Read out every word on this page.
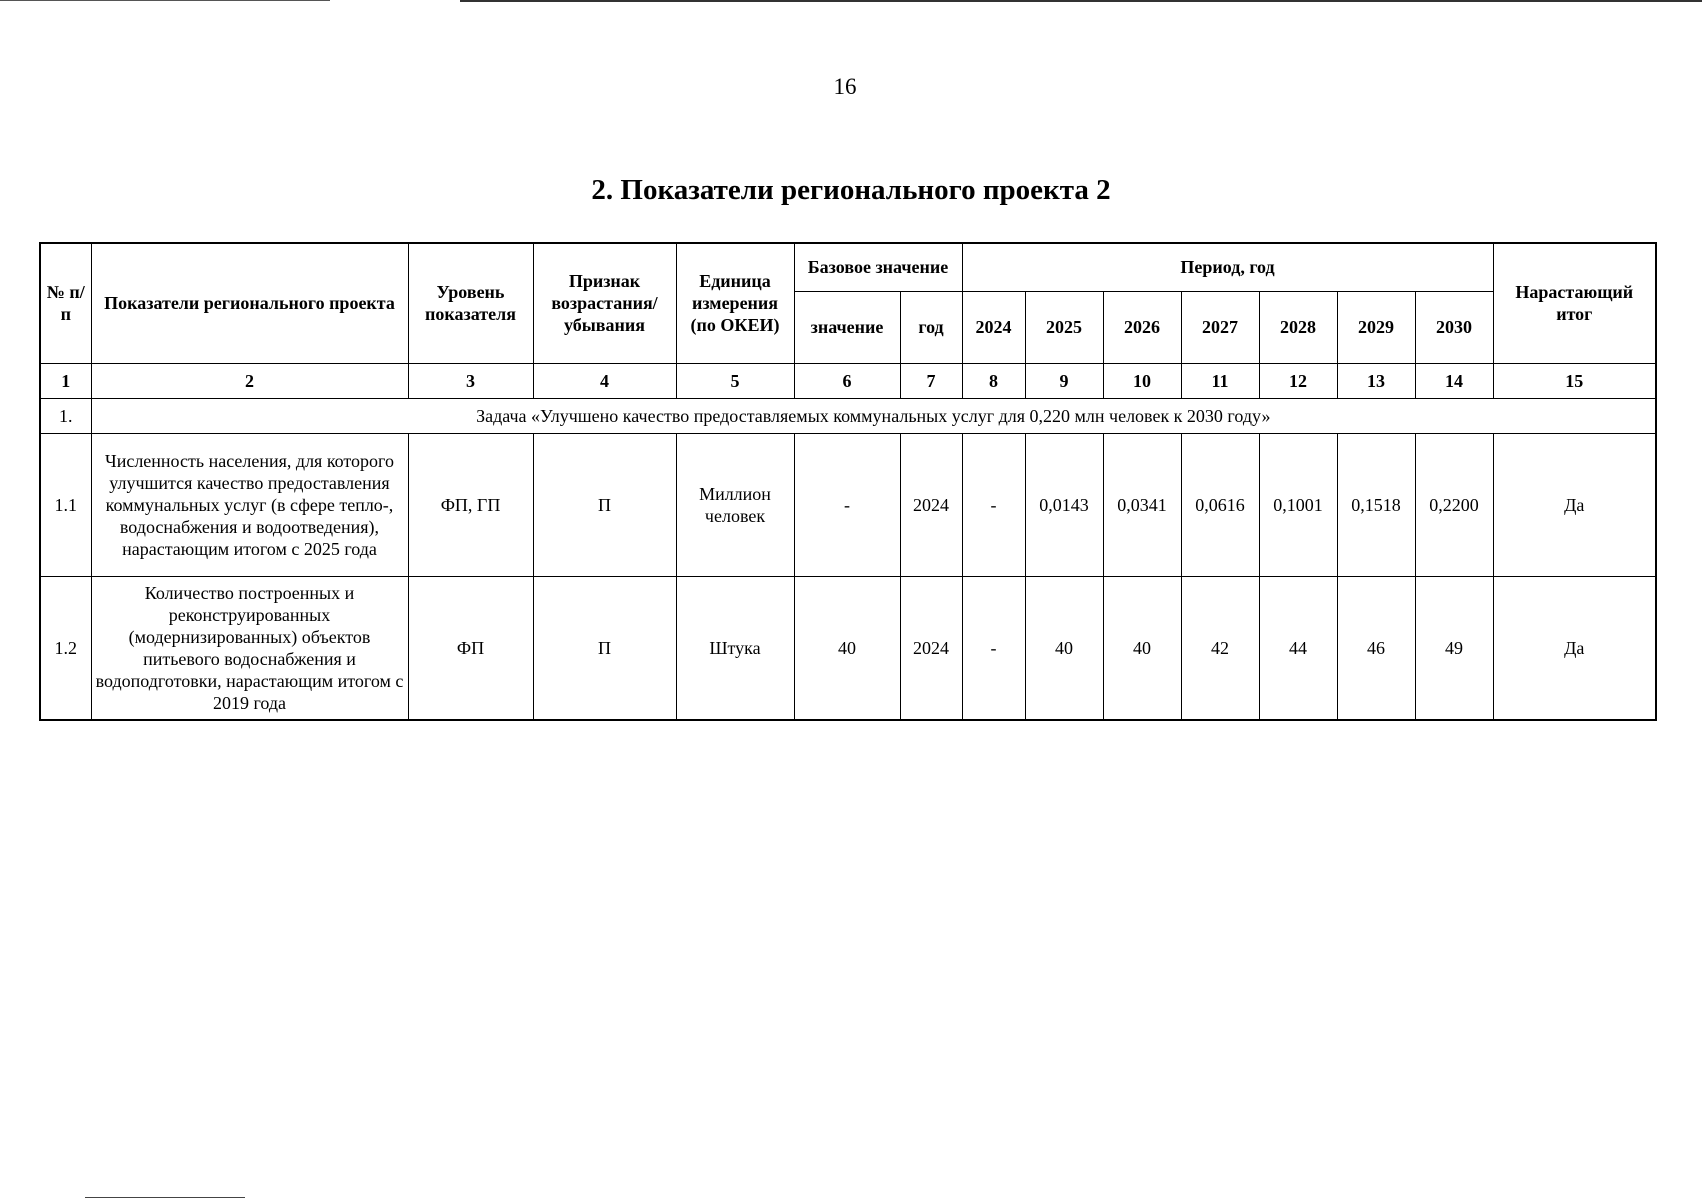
16
2. Показатели регионального проекта 2
№ п/п	Показатели регионального проекта	Уровень показателя	Признак возрастания/ убывания	Единица измерения (по ОКЕИ)	Базовое значение		Период, год							Нарастающий итог
					значение	год	2024	2025	2026	2027	2028	2029	2030	
1	2	3	4	5	6	7	8	9	10	11	12	13	14	15
1.	Задача «Улучшено качество предоставляемых коммунальных услуг для 0,220 млн человек к 2030 году»													
1.1	Численность населения, для которого улучшится качество предоставления коммунальных услуг (в сфере тепло-, водоснабжения и водоотведения), нарастающим итогом с 2025 года	ФП, ГП	П	Миллион человек	-	2024	-	0,0143	0,0341	0,0616	0,1001	0,1518	0,2200	Да
1.2	Количество построенных и реконструированных (модернизированных) объектов питьевого водоснабжения и водоподготовки, нарастающим итогом с 2019 года	ФП	П	Штука	40	2024	-	40	40	42	44	46	49	Да
